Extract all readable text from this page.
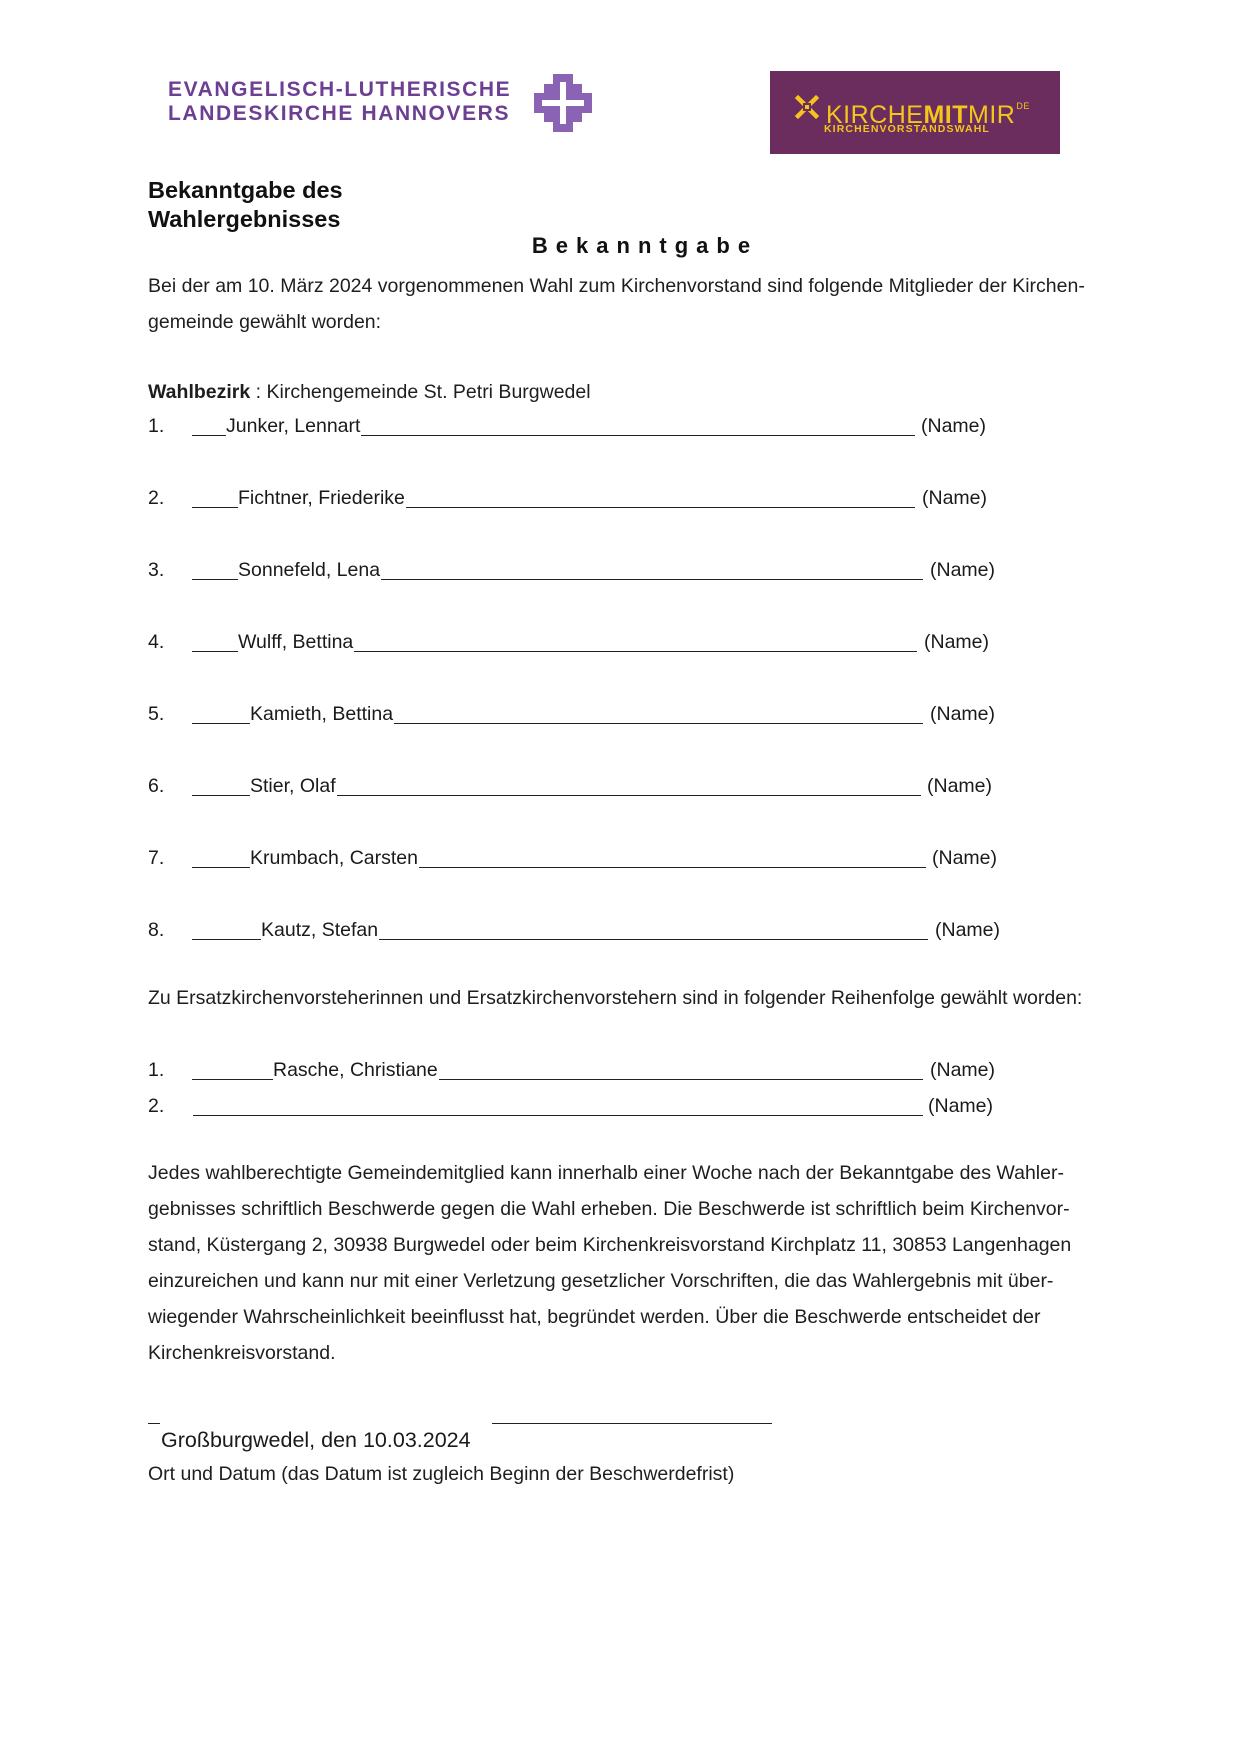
EVANGELISCH-LUTHERISCHE
LANDESKIRCHE HANNOVERS	$KIRCHEMITMIR^{DE}$
KIRCHENVORSTANDSWAHL
Bekanntgabe des
Wahlergebnisses
Bekanntgabe
Bei der am 10. März 2024 vorgenommenen Wahl zum Kirchenvorstand sind folgende Mitglieder der Kirchen-
gemeinde gewählt worden:
Wahlbezirk : Kirchengemeinde St. Petri Burgwedel
1.	Junker, Lennart	(Name)
2.	Fichtner, Friederike	(Name)
3.	Sonnefeld, Lena	(Name)
4.	Wulff, Bettina	(Name)
5.	Kamieth, Bettina	(Name)
6.	Stier, Olaf	(Name)
7.	Krumbach, Carsten	(Name)
8.	Kautz, Stefan	(Name)
Zu Ersatzkirchenvorsteherinnen und Ersatzkirchenvorstehern sind in folgender Reihenfolge gewählt worden:
1.	Rasche, Christiane	(Name)
2.	(Name)
Jedes wahlberechtigte Gemeindemitglied kann innerhalb einer Woche nach der Bekanntgabe des Wahler-
gebnisses schriftlich Beschwerde gegen die Wahl erheben. Die Beschwerde ist schriftlich beim Kirchenvor-
stand, Küstergang 2, 30938 Burgwedel oder beim Kirchenkreisvorstand Kirchplatz 11, 30853 Langenhagen
einzureichen und kann nur mit einer Verletzung gesetzlicher Vorschriften, die das Wahlergebnis mit über-
wiegender Wahrscheinlichkeit beeinflusst hat, begründet werden. Über die Beschwerde entscheidet der
Kirchenkreisvorstand.
Großburgwedel, den 10.03.2024
Ort und Datum (das Datum ist zugleich Beginn der Beschwerdefrist)
